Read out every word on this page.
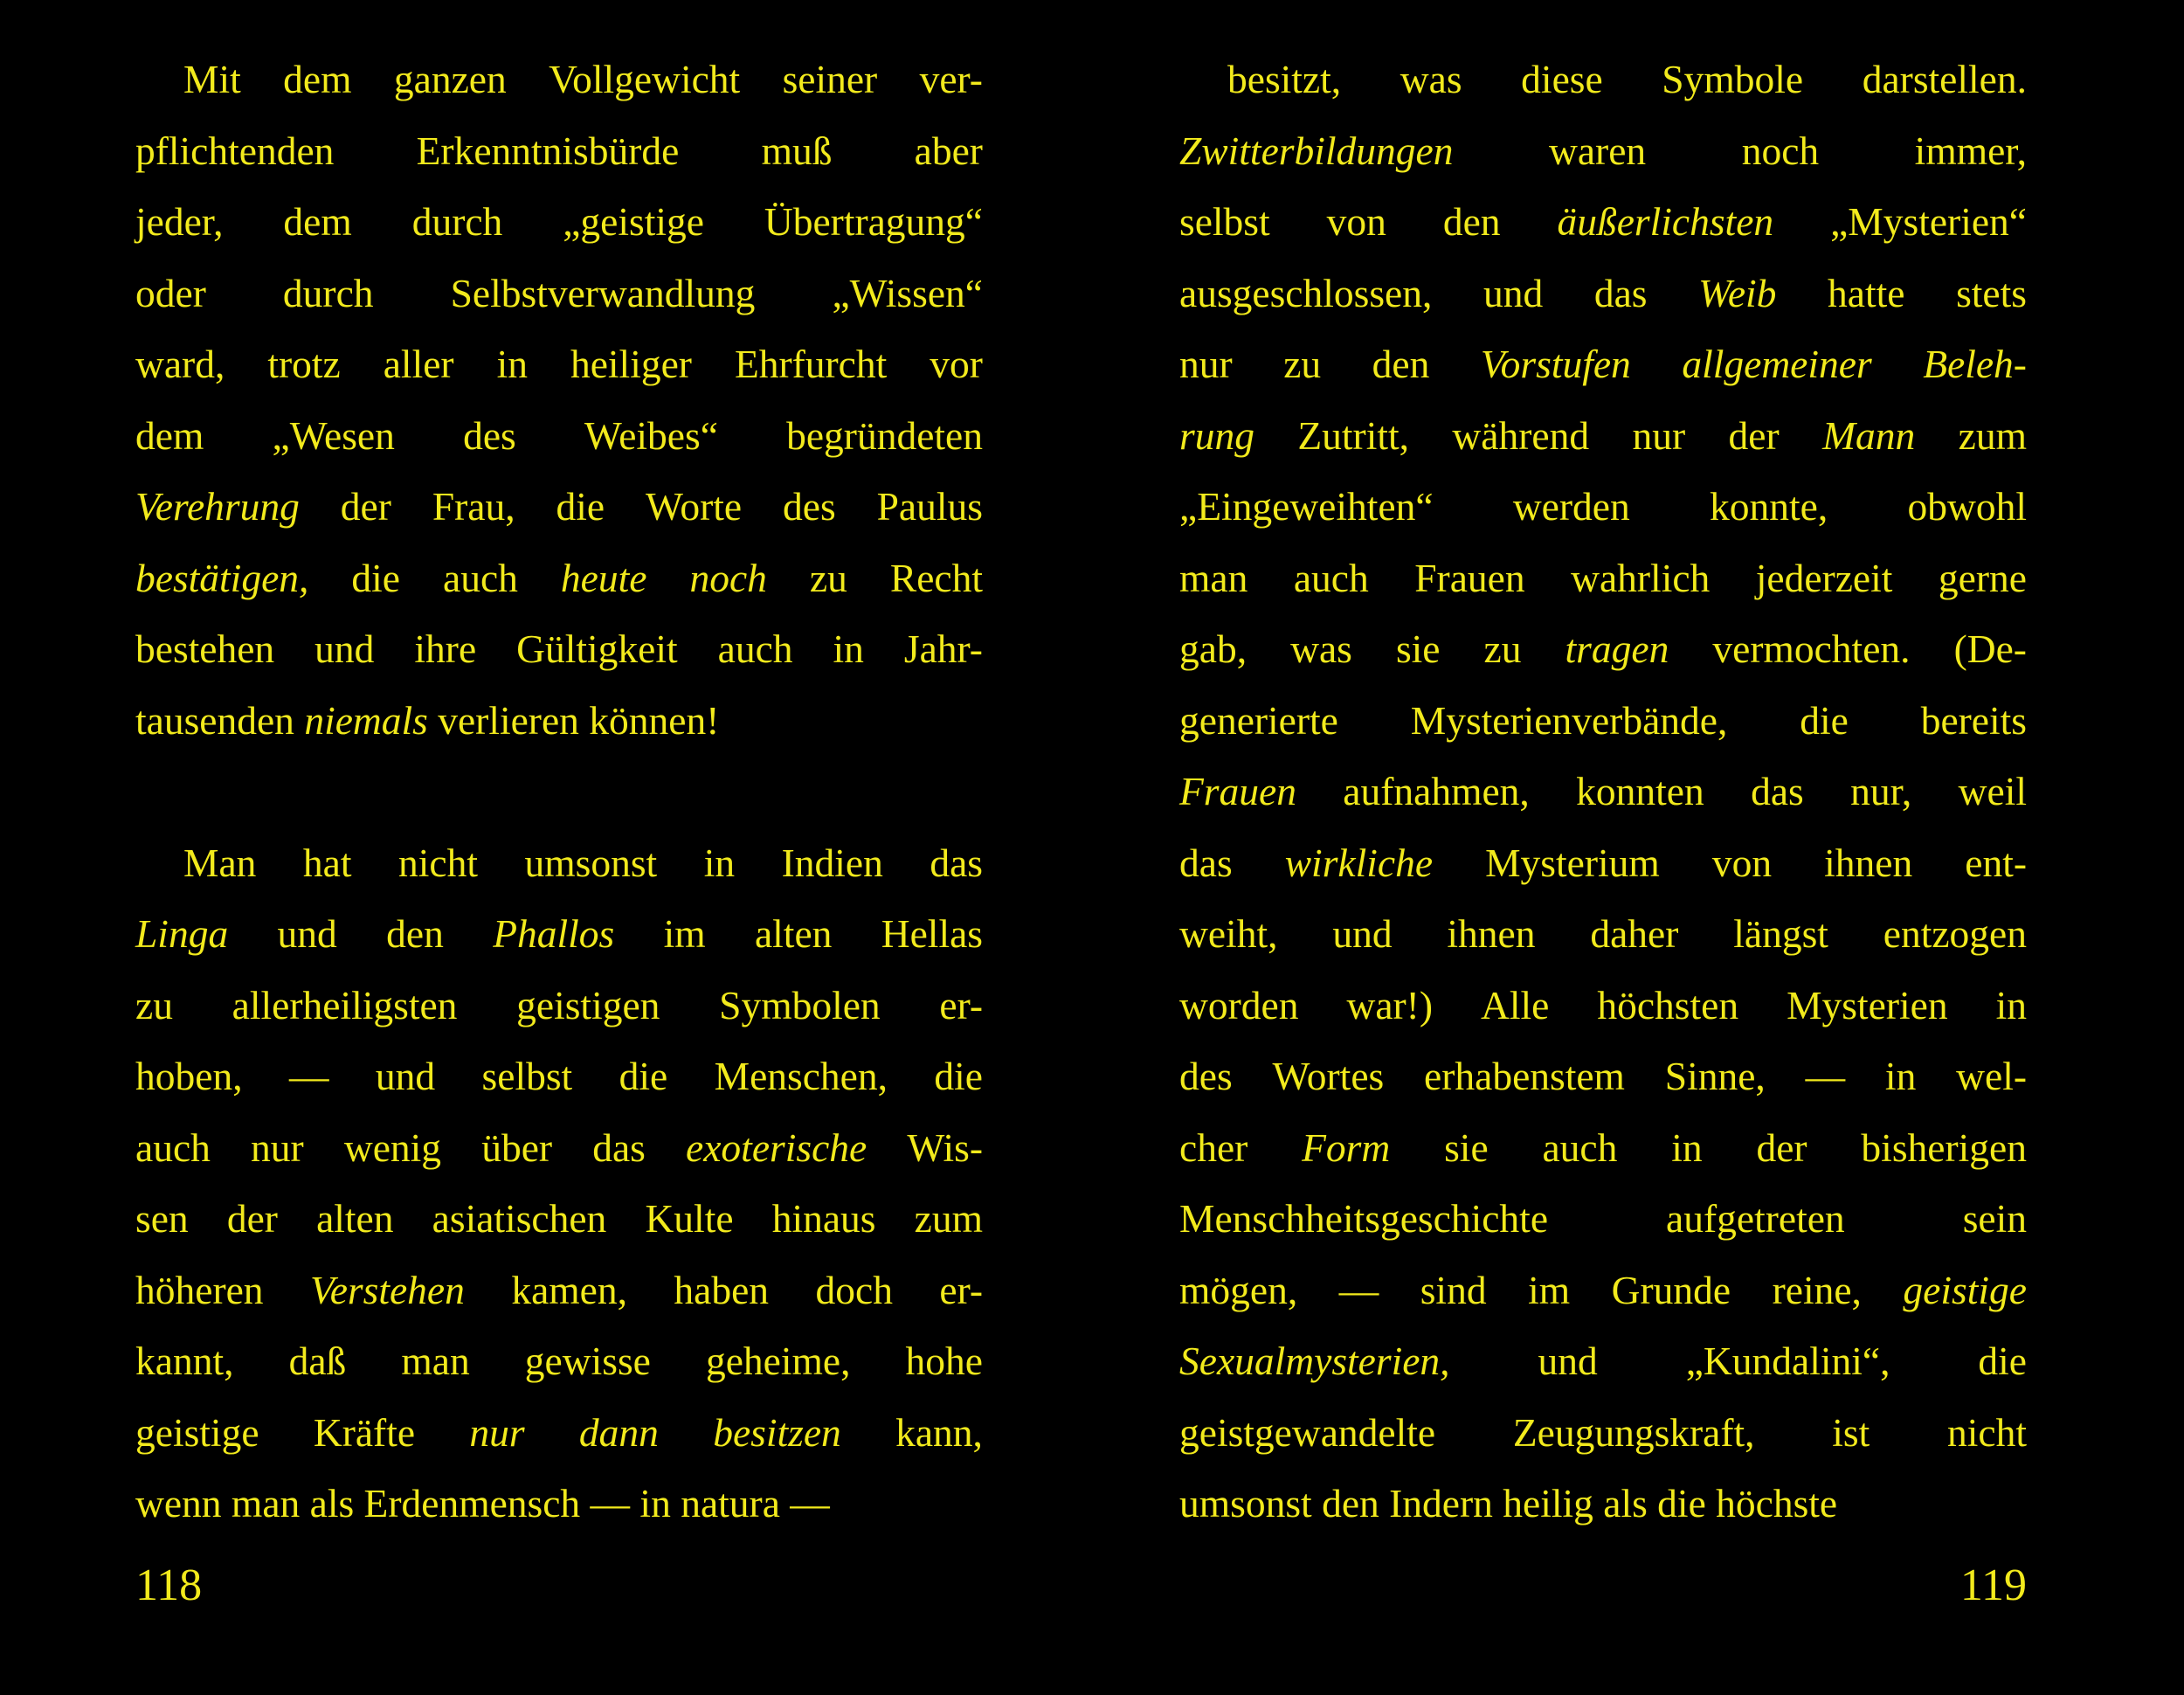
Mit dem ganzen Vollgewicht seiner ver-
pflichtenden Erkenntnisbürde muß aber
jeder, dem durch „geistige Übertragung“
oder durch Selbstverwandlung „Wissen“
ward, trotz aller in heiliger Ehrfurcht vor
dem „Wesen des Weibes“ begründeten
Verehrung der Frau, die Worte des Paulus
bestätigen, die auch heute noch zu Recht
bestehen und ihre Gültigkeit auch in Jahr-
tausenden niemals verlieren können!
Man hat nicht umsonst in Indien das
Linga und den Phallos im alten Hellas
zu allerheiligsten geistigen Symbolen er-
hoben, — und selbst die Menschen, die
auch nur wenig über das exoterische Wis-
sen der alten asiatischen Kulte hinaus zum
höheren Verstehen kamen, haben doch er-
kannt, daß man gewisse geheime, hohe
geistige Kräfte nur dann besitzen kann,
wenn man als Erdenmensch — in natura —
118
besitzt, was diese Symbole darstellen.
Zwitterbildungen waren noch immer,
selbst von den äußerlichsten „Mysterien“
ausgeschlossen, und das Weib hatte stets
nur zu den Vorstufen allgemeiner Beleh-
rung Zutritt, während nur der Mann zum
„Eingeweihten“ werden konnte, obwohl
man auch Frauen wahrlich jederzeit gerne
gab, was sie zu tragen vermochten. (De-
generierte Mysterienverbände, die bereits
Frauen aufnahmen, konnten das nur, weil
das wirkliche Mysterium von ihnen ent-
weiht, und ihnen daher längst entzogen
worden war!) Alle höchsten Mysterien in
des Wortes erhabenstem Sinne, — in wel-
cher Form sie auch in der bisherigen
Menschheitsgeschichte	aufgetreten	sein
mögen, — sind im Grunde reine, geistige
Sexualmysterien, und „Kundalini“, die
geistgewandelte Zeugungskraft, ist nicht
umsonst den Indern heilig als die höchste
119
